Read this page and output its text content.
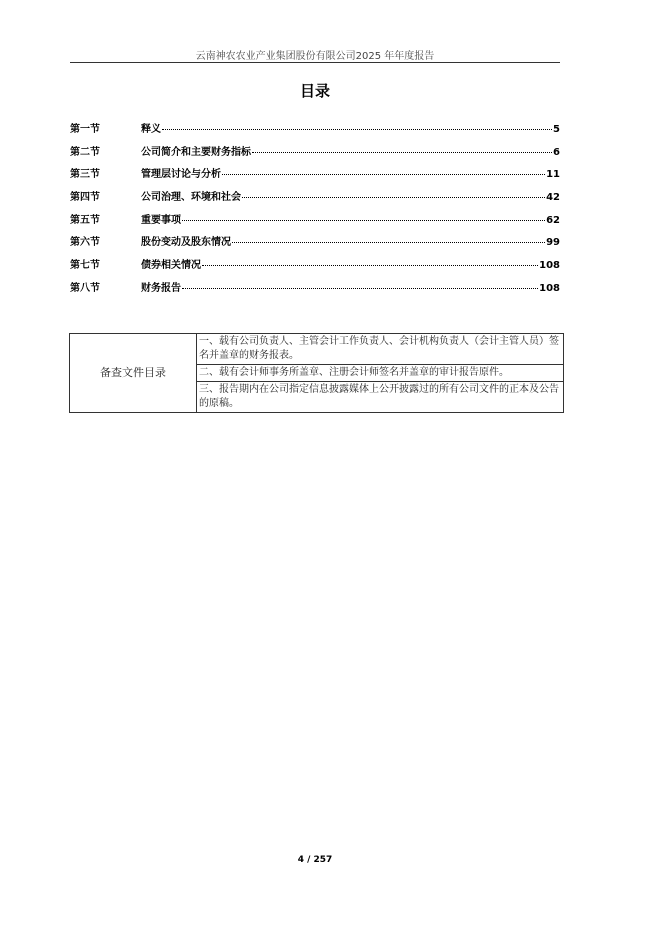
云南神农农业产业集团股份有限公司2025 年年度报告
目录
第一节	释义	5
第二节	公司简介和主要财务指标	6
第三节	管理层讨论与分析	11
第四节	公司治理、环境和社会	42
第五节	重要事项	62
第六节	股份变动及股东情况	99
第七节	债券相关情况	108
第八节	财务报告	108
备查文件目录	一、载有公司负责人、主管会计工作负责人、会计机构负责人（会计主管人员）签名并盖章的财务报表。
二、载有会计师事务所盖章、注册会计师签名并盖章的审计报告原件。
三、报告期内在公司指定信息披露媒体上公开披露过的所有公司文件的正本及公告的原稿。
4 / 257
